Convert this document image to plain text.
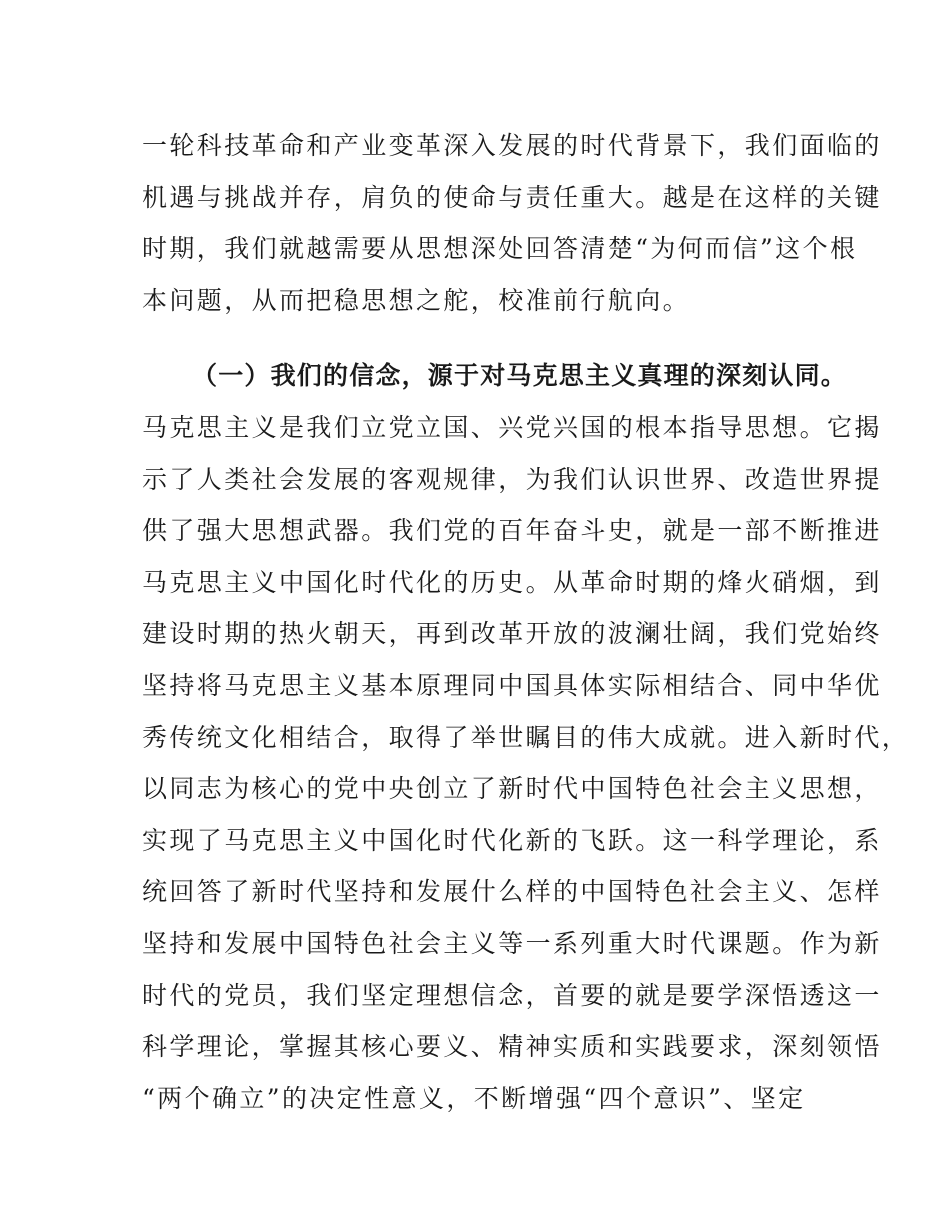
一轮科技革命和产业变革深入发展的时代背景下，我们面临的
机遇与挑战并存，肩负的使命与责任重大。越是在这样的关键
时期，我们就越需要从思想深处回答清楚“为何而信”这个根
本问题，从而把稳思想之舵，校准前行航向。
（一）我们的信念，源于对马克思主义真理的深刻认同。
马克思主义是我们立党立国、兴党兴国的根本指导思想。它揭
示了人类社会发展的客观规律，为我们认识世界、改造世界提
供了强大思想武器。我们党的百年奋斗史，就是一部不断推进
马克思主义中国化时代化的历史。从革命时期的烽火硝烟，到
建设时期的热火朝天，再到改革开放的波澜壮阔，我们党始终
坚持将马克思主义基本原理同中国具体实际相结合、同中华优
秀传统文化相结合，取得了举世瞩目的伟大成就。进入新时代，
以同志为核心的党中央创立了新时代中国特色社会主义思想，
实现了马克思主义中国化时代化新的飞跃。这一科学理论，系
统回答了新时代坚持和发展什么样的中国特色社会主义、怎样
坚持和发展中国特色社会主义等一系列重大时代课题。作为新
时代的党员，我们坚定理想信念，首要的就是要学深悟透这一
科学理论，掌握其核心要义、精神实质和实践要求，深刻领悟
“两个确立”的决定性意义，不断增强“四个意识”、坚定
